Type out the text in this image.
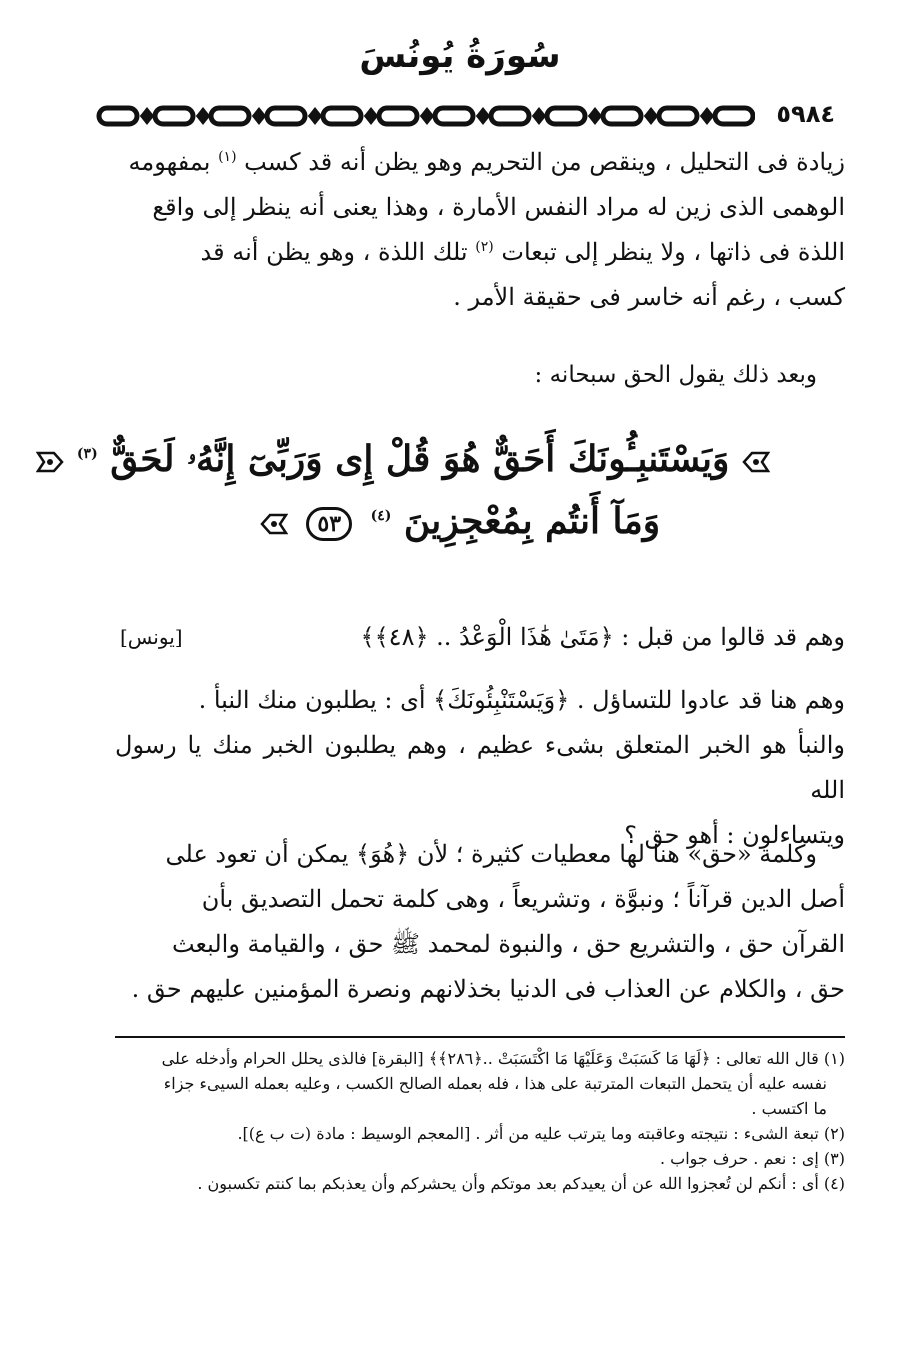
سُورَةُ يُونُسَ
٥٩٨٤

زيادة فى التحليل ، وينقص من التحريم وهو يظن أنه قد كسب $^{(١)}$ بمفهومه

الوهمى الذى زين له مراد النفس الأمارة ، وهذا يعنى أنه ينظر إلى واقع

اللذة فى ذاتها ، ولا ينظر إلى تبعات $^{(٢)}$ تلك اللذة ، وهو يظن أنه قد

كسب ، رغم أنه خاسر فى حقيقة الأمر .

وبعد ذلك يقول الحق سبحانه :

وَيَسْتَنبِـُٔونَكَ أَحَقٌّ هُوَ قُلْ إِى وَرَبِّىٓ إِنَّهُۥ لَحَقٌّ $^{(٣)}$
وَمَآ أَنتُم بِمُعْجِزِينَ $^{(٤)}$ ٥٣
وهم قد قالوا من قبل : ﴿مَتَىٰ هَٰذَا الْوَعْدُ .. ﴿٤٨﴾﴾
[يونس]

وهم هنا قد عادوا للتساؤل . ﴿وَيَسْتَنْبِئُونَكَ﴾ أى : يطلبون منك النبأ .

والنبأ هو الخبر المتعلق بشىء عظيم ، وهم يطلبون الخبر منك يا رسول الله

ويتساءلون : أهو حق ؟

وكلمة «حق» هنا لها معطيات كثيرة ؛ لأن ﴿هُوَ﴾ يمكن أن تعود على

أصل الدين قرآناً ؛ ونبوَّة ، وتشريعاً ، وهى كلمة تحمل التصديق بأن

القرآن حق ، والتشريع حق ، والنبوة لمحمد ﷺ حق ، والقيامة والبعث

حق ، والكلام عن العذاب فى الدنيا بخذلانهم ونصرة المؤمنين عليهم حق .

(١) قال الله تعالى : ﴿لَهَا مَا كَسَبَتْ وَعَلَيْهَا مَا اكْتَسَبَتْ ..﴿٢٨٦﴾﴾ [البقرة] فالذى يحلل الحرام وأدخله على

نفسه عليه أن يتحمل التبعات المترتبة على هذا ، فله بعمله الصالح الكسب ، وعليه بعمله السيىء جزاء

ما اكتسب .

(٢) تبعة الشىء : نتيجته وعاقبته وما يترتب عليه من أثر . [المعجم الوسيط : مادة (ت ب ع)].

(٣) إى : نعم . حرف جواب .

(٤) أى : أنكم لن تُعجزوا الله عن أن يعيدكم بعد موتكم وأن يحشركم وأن يعذبكم بما كنتم تكسبون .
